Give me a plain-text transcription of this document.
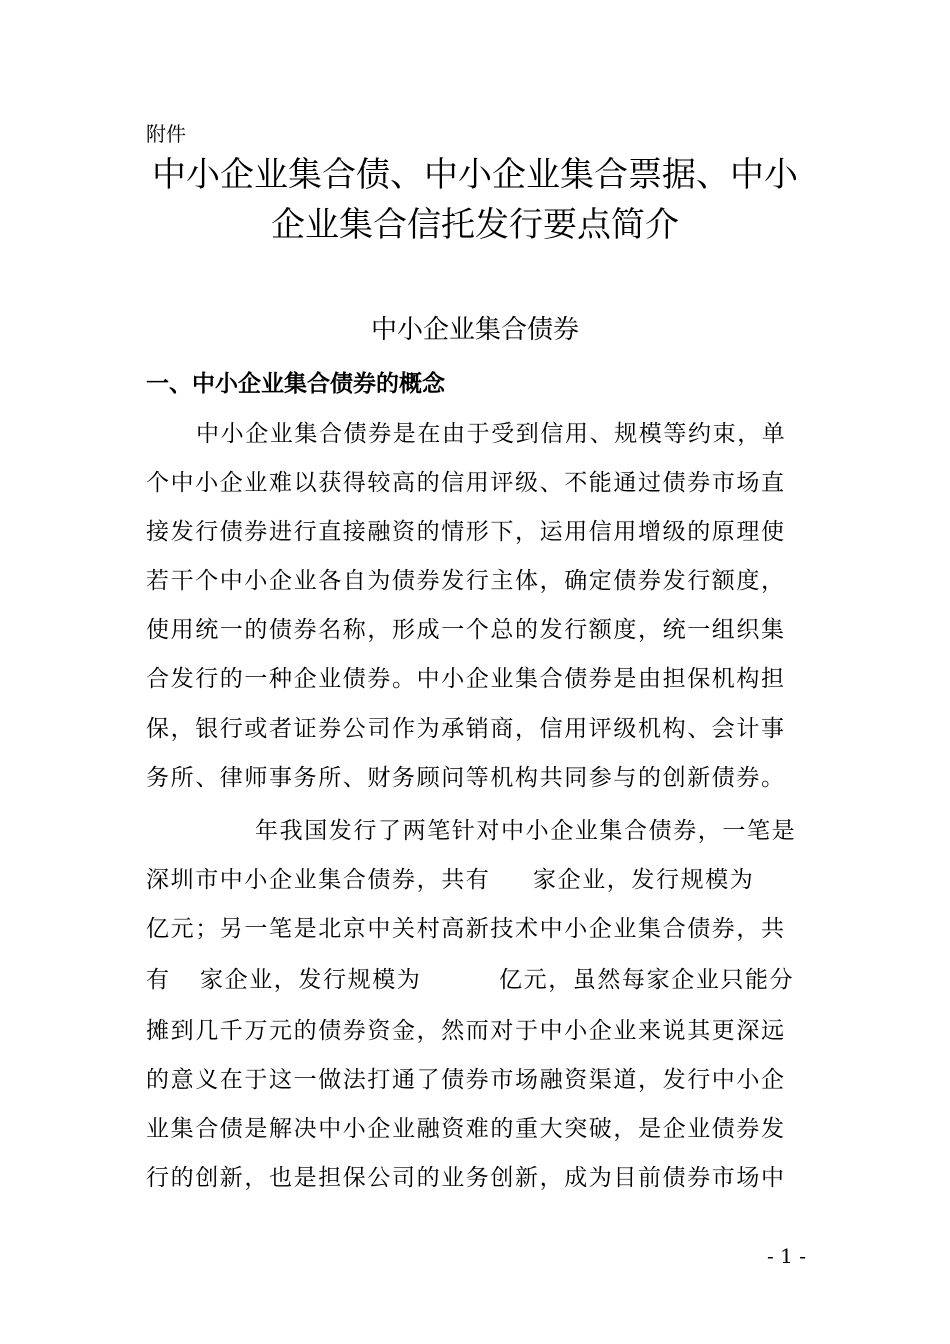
附件
中小企业集合债、中小企业集合票据、中小
企业集合信托发行要点简介
中小企业集合债券
一、中小企业集合债券的概念
中小企业集合债券是在由于受到信用、规模等约束，单
个中小企业难以获得较高的信用评级、不能通过债券市场直
接发行债券进行直接融资的情形下，运用信用增级的原理使
若干个中小企业各自为债券发行主体，确定债券发行额度，
使用统一的债券名称，形成一个总的发行额度，统一组织集
合发行的一种企业债券。中小企业集合债券是由担保机构担
保，银行或者证券公司作为承销商，信用评级机构、会计事
务所、律师事务所、财务顾问等机构共同参与的创新债券。
年我国发行了两笔针对中小企业集合债券，一笔是
深圳市中小企业集合债券，共有 家企业，发行规模为
亿元；另一笔是北京中关村高新技术中小企业集合债券，共
有 家企业，发行规模为	亿元，虽然每家企业只能分
摊到几千万元的债券资金，然而对于中小企业来说其更深远
的意义在于这一做法打通了债券市场融资渠道，发行中小企
业集合债是解决中小企业融资难的重大突破，是企业债券发
行的创新，也是担保公司的业务创新，成为目前债券市场中
- 1 -
